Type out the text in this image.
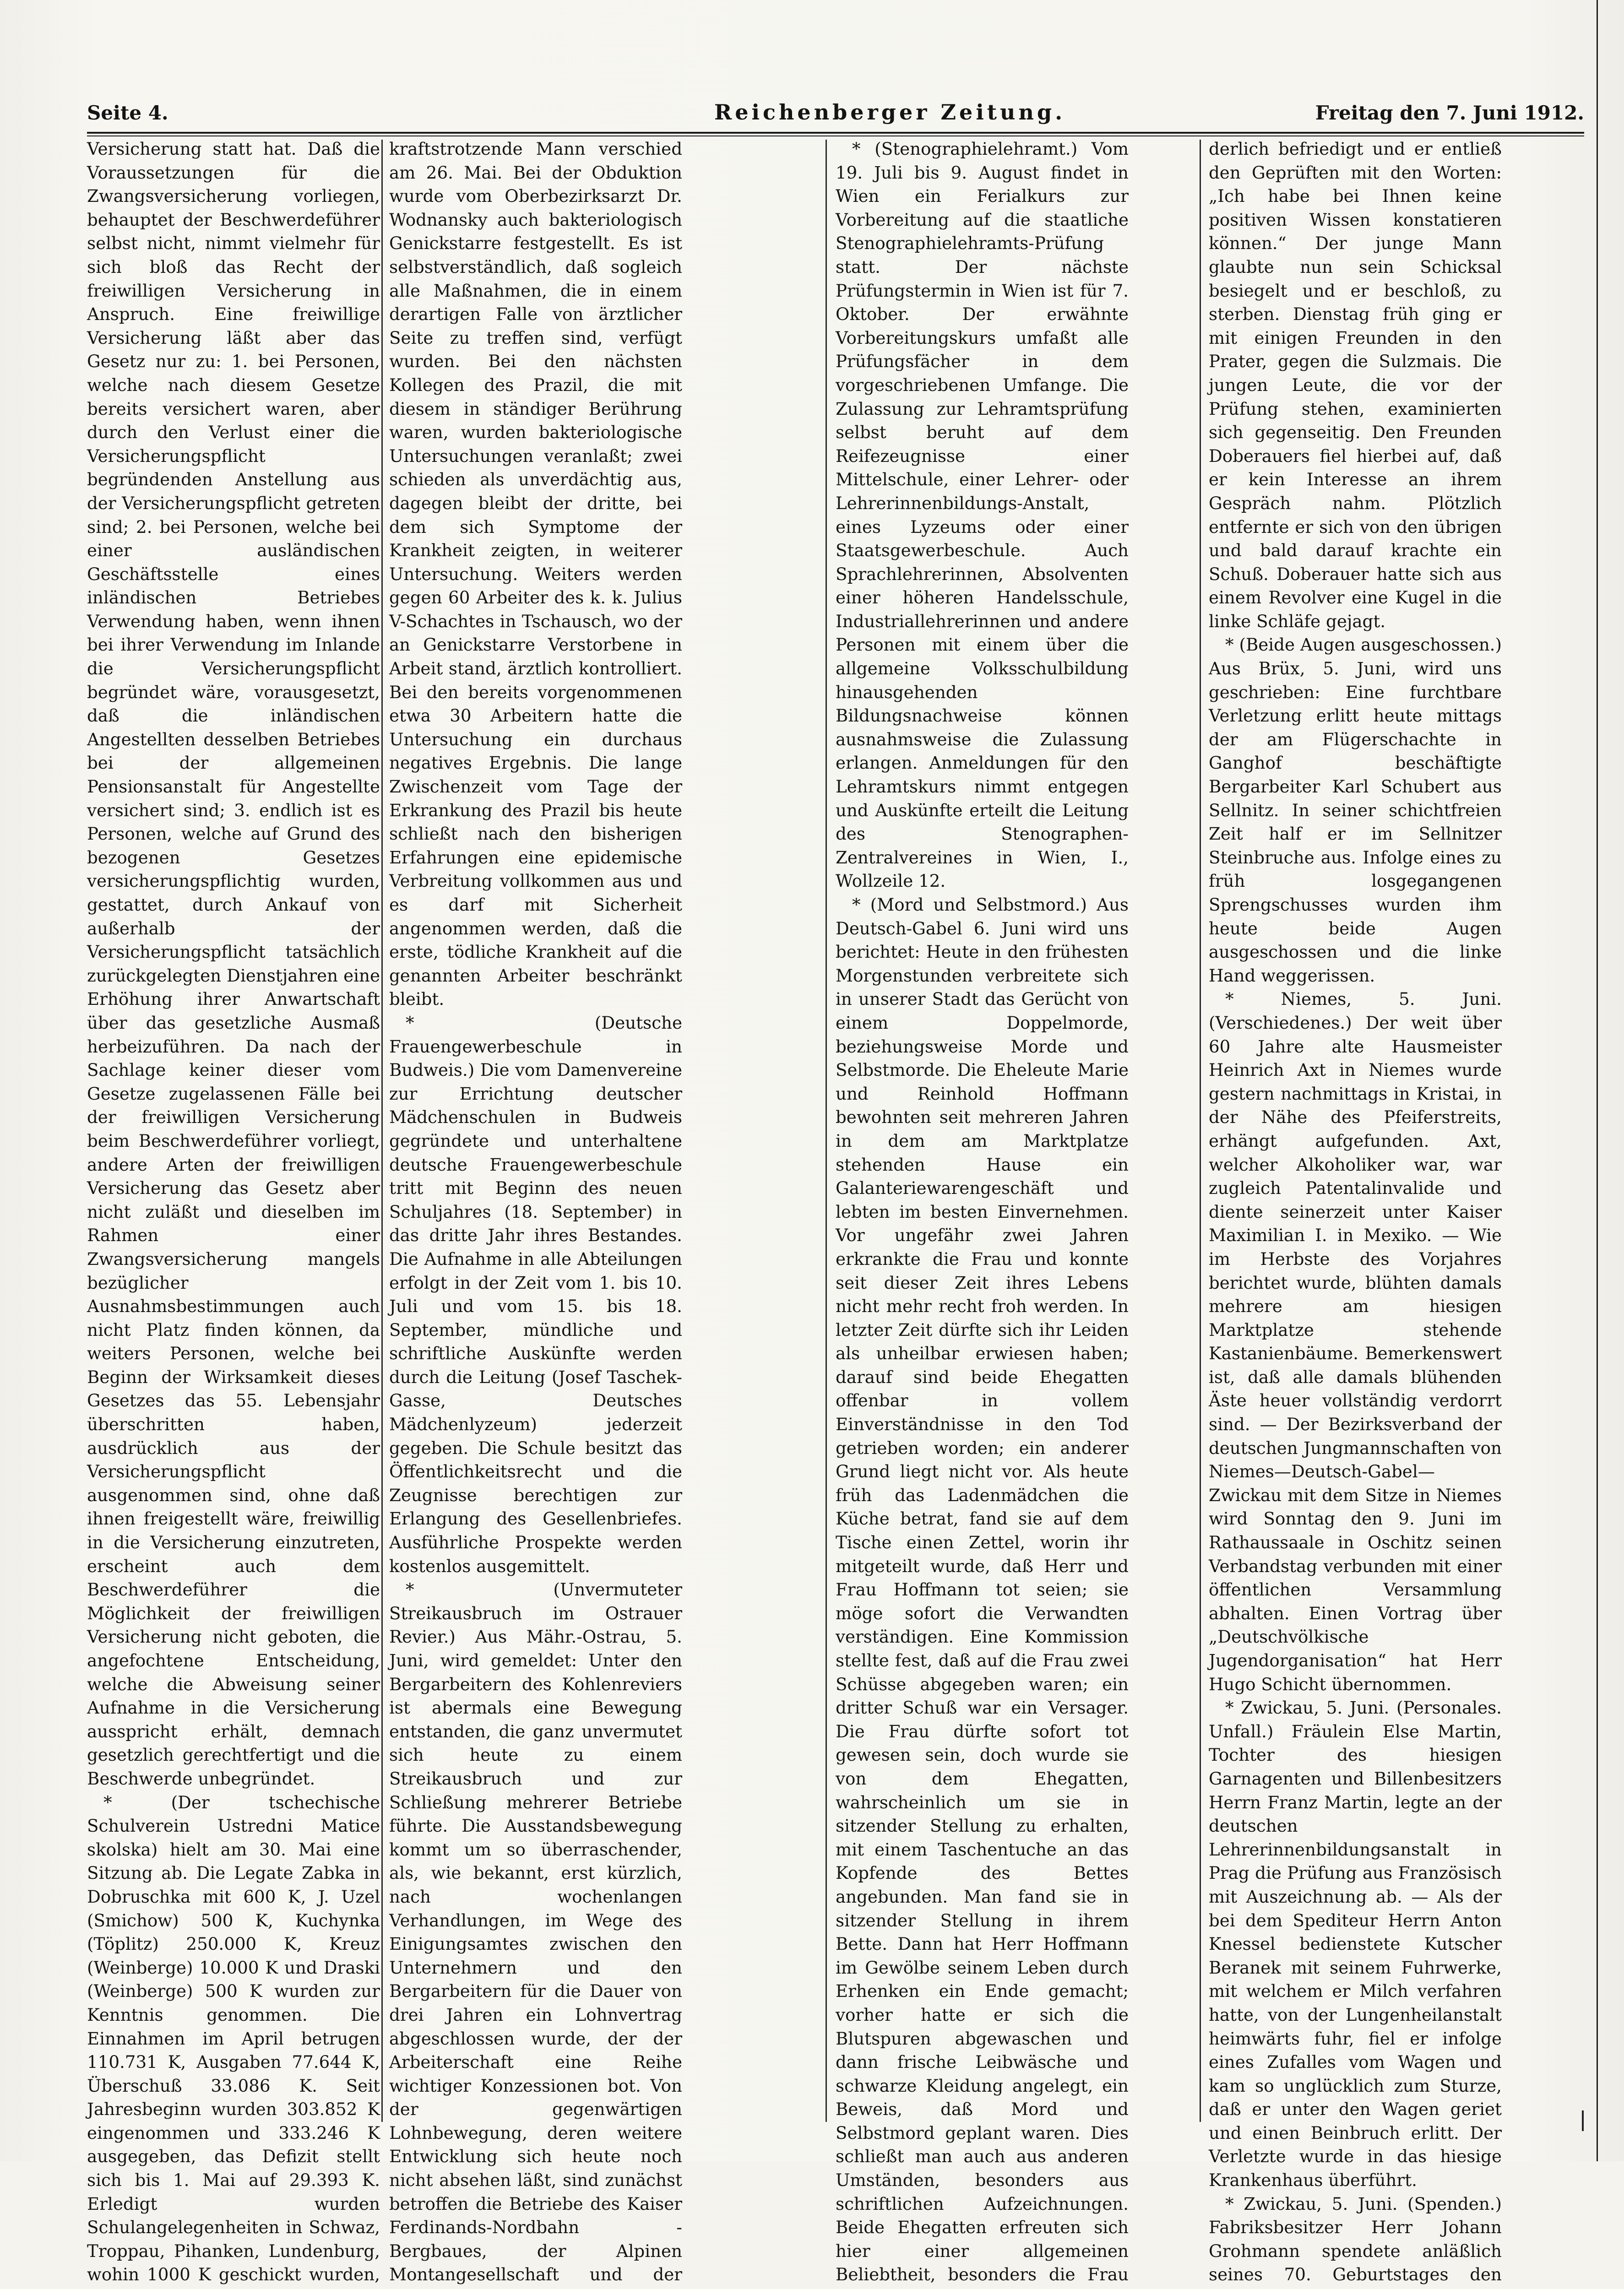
Seite 4.	Reichenberger Zeitung.	Freitag den 7. Juni 1912.

Versicherung statt hat. Daß die Voraussetzungen für die Zwangsversicherung vorliegen, behauptet der Beschwerdeführer selbst nicht, nimmt vielmehr für sich bloß das Recht der freiwilligen Versicherung in Anspruch. Eine freiwillige Versicherung läßt aber das Gesetz nur zu: 1. bei Personen, welche nach diesem Gesetze bereits versichert waren, aber durch den Verlust einer die Versicherungspflicht begründenden Anstellung aus der Versicherungspflicht getreten sind; 2. bei Personen, welche bei einer ausländischen Geschäftsstelle eines inländischen Betriebes Verwendung haben, wenn ihnen bei ihrer Verwendung im Inlande die Versicherungspflicht begründet wäre, vorausgesetzt, daß die inländischen Angestellten desselben Betriebes bei der allgemeinen Pensionsanstalt für Angestellte versichert sind; 3. endlich ist es Personen, welche auf Grund des bezogenen Gesetzes versicherungspflichtig wurden, gestattet, durch Ankauf von außerhalb der Versicherungspflicht tatsächlich zurückgelegten Dienstjahren eine Erhöhung ihrer Anwartschaft über das gesetzliche Ausmaß herbeizuführen. Da nach der Sachlage keiner dieser vom Gesetze zugelassenen Fälle bei der freiwilligen Versicherung beim Beschwerdeführer vorliegt, andere Arten der freiwilligen Versicherung das Gesetz aber nicht zuläßt und dieselben im Rahmen einer Zwangsversicherung mangels bezüglicher Ausnahmsbestimmungen auch nicht Platz finden können, da weiters Personen, welche bei Beginn der Wirksamkeit dieses Gesetzes das 55. Lebensjahr überschritten haben, ausdrücklich aus der Versicherungspflicht ausgenommen sind, ohne daß ihnen freigestellt wäre, freiwillig in die Versicherung einzutreten, erscheint auch dem Beschwerdeführer die Möglichkeit der freiwilligen Versicherung nicht geboten, die angefochtene Entscheidung, welche die Abweisung seiner Aufnahme in die Versicherung ausspricht erhält, demnach gesetzlich gerechtfertigt und die Beschwerde unbegründet.

* (Der tschechische Schulverein Ustredni Matice skolska) hielt am 30. Mai eine Sitzung ab. Die Legate Zabka in Dobruschka mit 600 K, J. Uzel (Smichow) 500 K, Kuchynka (Töplitz) 250.000 K, Kreuz (Weinberge) 10.000 K und Draski (Weinberge) 500 K wurden zur Kenntnis genommen. Die Einnahmen im April betrugen 110.731 K, Ausgaben 77.644 K, Überschuß 33.086 K. Seit Jahresbeginn wurden 303.852 K eingenommen und 333.246 K ausgegeben, das Defizit stellt sich bis 1. Mai auf 29.393 K. Erledigt wurden Schulangelegenheiten in Schwaz, Troppau, Pihanken, Lundenburg, wohin 1000 K geschickt wurden,

kraftstrotzende Mann verschied am 26. Mai. Bei der Obduktion wurde vom Oberbezirksarzt Dr. Wodnansky auch bakteriologisch Genickstarre festgestellt. Es ist selbstverständlich, daß sogleich alle Maßnahmen, die in einem derartigen Falle von ärztlicher Seite zu treffen sind, verfügt wurden. Bei den nächsten Kollegen des Prazil, die mit diesem in ständiger Berührung waren, wurden bakteriologische Untersuchungen veranlaßt; zwei schieden als unverdächtig aus, dagegen bleibt der dritte, bei dem sich Symptome der Krankheit zeigten, in weiterer Untersuchung. Weiters werden gegen 60 Arbeiter des k. k. Julius V-Schachtes in Tschausch, wo der an Genickstarre Verstorbene in Arbeit stand, ärztlich kontrolliert. Bei den bereits vorgenommenen etwa 30 Arbeitern hatte die Untersuchung ein durchaus negatives Ergebnis. Die lange Zwischenzeit vom Tage der Erkrankung des Prazil bis heute schließt nach den bisherigen Erfahrungen eine epidemische Verbreitung vollkommen aus und es darf mit Sicherheit angenommen werden, daß die erste, tödliche Krankheit auf die genannten Arbeiter beschränkt bleibt.

* (Deutsche Frauengewerbeschule in Budweis.) Die vom Damenvereine zur Errichtung deutscher Mädchenschulen in Budweis gegründete und unterhaltene deutsche Frauengewerbeschule tritt mit Beginn des neuen Schuljahres (18. September) in das dritte Jahr ihres Bestandes. Die Aufnahme in alle Abteilungen erfolgt in der Zeit vom 1. bis 10. Juli und vom 15. bis 18. September, mündliche und schriftliche Auskünfte werden durch die Leitung (Josef Taschek-Gasse, Deutsches Mädchenlyzeum) jederzeit gegeben. Die Schule besitzt das Öffentlichkeitsrecht und die Zeugnisse berechtigen zur Erlangung des Gesellenbriefes. Ausführliche Prospekte werden kostenlos ausgemittelt.

* (Unvermuteter Streikausbruch im Ostrauer Revier.) Aus Mähr.-Ostrau, 5. Juni, wird gemeldet: Unter den Bergarbeitern des Kohlenreviers ist abermals eine Bewegung entstanden, die ganz unvermutet sich heute zu einem Streikausbruch und zur Schließung mehrerer Betriebe führte. Die Ausstandsbewegung kommt um so überraschender, als, wie bekannt, erst kürzlich, nach wochenlangen Verhandlungen, im Wege des Einigungsamtes zwischen den Unternehmern und den Bergarbeitern für die Dauer von drei Jahren ein Lohnvertrag abgeschlossen wurde, der der Arbeiterschaft eine Reihe wichtiger Konzessionen bot. Von der gegenwärtigen Lohnbewegung, deren weitere Entwicklung sich heute noch nicht absehen läßt, sind zunächst betroffen die Betriebe des Kaiser Ferdinands-Nordbahn - Bergbaues, der Alpinen Montangesellschaft und der

* (Stenographielehramt.) Vom 19. Juli bis 9. August findet in Wien ein Ferialkurs zur Vorbereitung auf die staatliche Stenographielehramts-Prüfung statt. Der nächste Prüfungstermin in Wien ist für 7. Oktober. Der erwähnte Vorbereitungskurs umfaßt alle Prüfungsfächer in dem vorgeschriebenen Umfange. Die Zulassung zur Lehramtsprüfung selbst beruht auf dem Reifezeugnisse einer Mittelschule, einer Lehrer- oder Lehrerinnenbildungs-Anstalt, eines Lyzeums oder einer Staatsgewerbeschule. Auch Sprachlehrerinnen, Absolventen einer höheren Handelsschule, Industriallehrerinnen und andere Personen mit einem über die allgemeine Volksschulbildung hinausgehenden Bildungsnachweise können ausnahmsweise die Zulassung erlangen. Anmeldungen für den Lehramtskurs nimmt entgegen und Auskünfte erteilt die Leitung des Stenographen-Zentralvereines in Wien, I., Wollzeile 12.

* (Mord und Selbstmord.) Aus Deutsch-Gabel 6. Juni wird uns berichtet: Heute in den frühesten Morgenstunden verbreitete sich in unserer Stadt das Gerücht von einem Doppelmorde, beziehungsweise Morde und Selbstmorde. Die Eheleute Marie und Reinhold Hoffmann bewohnten seit mehreren Jahren in dem am Marktplatze stehenden Hause ein Galanteriewarengeschäft und lebten im besten Einvernehmen. Vor ungefähr zwei Jahren erkrankte die Frau und konnte seit dieser Zeit ihres Lebens nicht mehr recht froh werden. In letzter Zeit dürfte sich ihr Leiden als unheilbar erwiesen haben; darauf sind beide Ehegatten offenbar in vollem Einverständnisse in den Tod getrieben worden; ein anderer Grund liegt nicht vor. Als heute früh das Ladenmädchen die Küche betrat, fand sie auf dem Tische einen Zettel, worin ihr mitgeteilt wurde, daß Herr und Frau Hoffmann tot seien; sie möge sofort die Verwandten verständigen. Eine Kommission stellte fest, daß auf die Frau zwei Schüsse abgegeben waren; ein dritter Schuß war ein Versager. Die Frau dürfte sofort tot gewesen sein, doch wurde sie von dem Ehegatten, wahrscheinlich um sie in sitzender Stellung zu erhalten, mit einem Taschentuche an das Kopfende des Bettes angebunden. Man fand sie in sitzender Stellung in ihrem Bette. Dann hat Herr Hoffmann im Gewölbe seinem Leben durch Erhenken ein Ende gemacht; vorher hatte er sich die Blutspuren abgewaschen und dann frische Leibwäsche und schwarze Kleidung angelegt, ein Beweis, daß Mord und Selbstmord geplant waren. Dies schließt man auch aus anderen Umständen, besonders aus schriftlichen Aufzeichnungen. Beide Ehegatten erfreuten sich hier einer allgemeinen Beliebtheit, besonders die Frau

derlich befriedigt und er entließ den Geprüften mit den Worten: „Ich habe bei Ihnen keine positiven Wissen konstatieren können.“ Der junge Mann glaubte nun sein Schicksal besiegelt und er beschloß, zu sterben. Dienstag früh ging er mit einigen Freunden in den Prater, gegen die Sulzmais. Die jungen Leute, die vor der Prüfung stehen, examinierten sich gegenseitig. Den Freunden Doberauers fiel hierbei auf, daß er kein Interesse an ihrem Gespräch nahm. Plötzlich entfernte er sich von den übrigen und bald darauf krachte ein Schuß. Doberauer hatte sich aus einem Revolver eine Kugel in die linke Schläfe gejagt.

* (Beide Augen ausgeschossen.) Aus Brüx, 5. Juni, wird uns geschrieben: Eine furchtbare Verletzung erlitt heute mittags der am Flügerschachte in Ganghof beschäftigte Bergarbeiter Karl Schubert aus Sellnitz. In seiner schichtfreien Zeit half er im Sellnitzer Steinbruche aus. Infolge eines zu früh losgegangenen Sprengschusses wurden ihm heute beide Augen ausgeschossen und die linke Hand weggerissen.

* Niemes, 5. Juni. (Verschiedenes.) Der weit über 60 Jahre alte Hausmeister Heinrich Axt in Niemes wurde gestern nachmittags in Kristai, in der Nähe des Pfeiferstreits, erhängt aufgefunden. Axt, welcher Alkoholiker war, war zugleich Patentalinvalide und diente seinerzeit unter Kaiser Maximilian I. in Mexiko. — Wie im Herbste des Vorjahres berichtet wurde, blühten damals mehrere am hiesigen Marktplatze stehende Kastanienbäume. Bemerkenswert ist, daß alle damals blühenden Äste heuer vollständig verdorrt sind. — Der Bezirksverband der deutschen Jungmannschaften von Niemes—Deutsch-Gabel—Zwickau mit dem Sitze in Niemes wird Sonntag den 9. Juni im Rathaussaale in Oschitz seinen Verbandstag verbunden mit einer öffentlichen Versammlung abhalten. Einen Vortrag über „Deutschvölkische Jugendorganisation“ hat Herr Hugo Schicht übernommen.

* Zwickau, 5. Juni. (Personales. Unfall.) Fräulein Else Martin, Tochter des hiesigen Garnagenten und Billenbesitzers Herrn Franz Martin, legte an der deutschen Lehrerinnenbildungsanstalt in Prag die Prüfung aus Französisch mit Auszeichnung ab. — Als der bei dem Spediteur Herrn Anton Knessel bedienstete Kutscher Beranek mit seinem Fuhrwerke, mit welchem er Milch verfahren hatte, von der Lungenheilanstalt heimwärts fuhr, fiel er infolge eines Zufalles vom Wagen und kam so unglücklich zum Sturze, daß er unter den Wagen geriet und einen Beinbruch erlitt. Der Verletzte wurde in das hiesige Krankenhaus überführt.

* Zwickau, 5. Juni. (Spenden.) Fabriksbesitzer Herr Johann Grohmann spendete anläßlich seines 70. Geburtstages den
